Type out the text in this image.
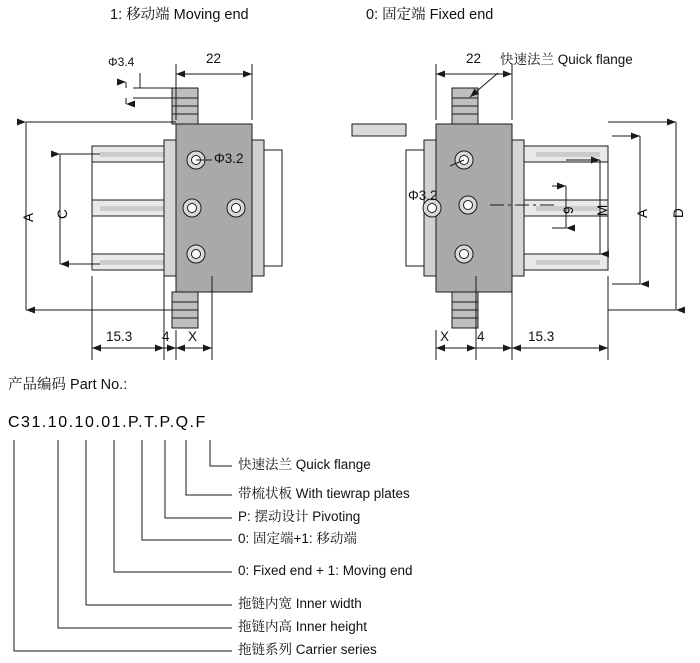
1: 移动端 Moving end	0: 固定端 Fixed end
快速法兰 Quick flange
Φ3.4
Φ3.2
Φ3.2
22	22
A C	A D
M
9
15.3 4 X	X 4	15.3
产品编码 Part No.:
C31.10.10.01.P.T.P.Q.F
快速法兰 Quick flange
带梳状板 With tiewrap plates
P: 摆动设计 Pivoting
0: 固定端+1: 移动端
0: Fixed end + 1: Moving end
拖链内宽 Inner width
拖链内高 Inner height
拖链系列 Carrier series
